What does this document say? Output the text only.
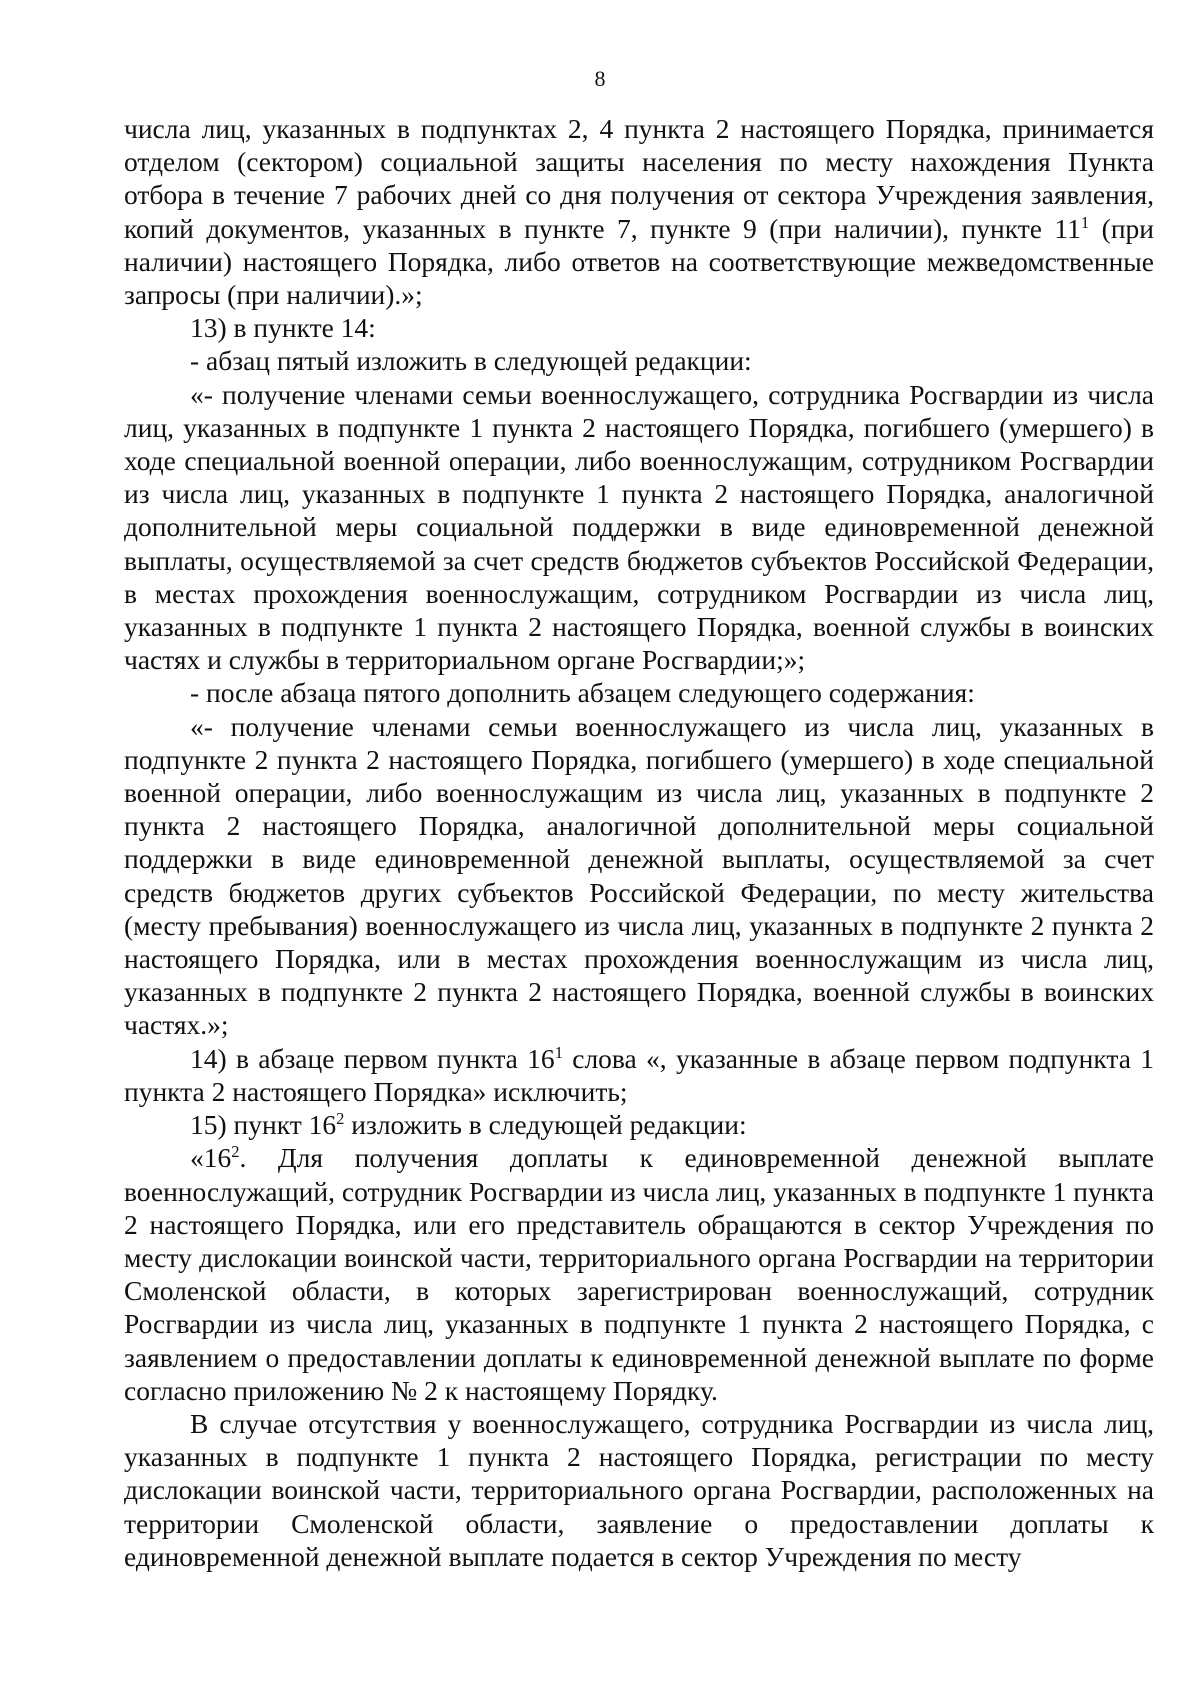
8

числа лиц, указанных в подпунктах 2, 4 пункта 2 настоящего Порядка, принимается отделом (сектором) социальной защиты населения по месту нахождения Пункта отбора в течение 7 рабочих дней со дня получения от сектора Учреждения заявления, копий документов, указанных в пункте 7, пункте 9 (при наличии), пункте $11^1$ (при наличии) настоящего Порядка, либо ответов на соответствующие межведомственные запросы (при наличии).»;

13) в пункте 14:

- абзац пятый изложить в следующей редакции:

«- получение членами семьи военнослужащего, сотрудника Росгвардии из числа лиц, указанных в подпункте 1 пункта 2 настоящего Порядка, погибшего (умершего) в ходе специальной военной операции, либо военнослужащим, сотрудником Росгвардии из числа лиц, указанных в подпункте 1 пункта 2 настоящего Порядка, аналогичной дополнительной меры социальной поддержки в виде единовременной денежной выплаты, осуществляемой за счет средств бюджетов субъектов Российской Федерации, в местах прохождения военнослужащим, сотрудником Росгвардии из числа лиц, указанных в подпункте 1 пункта 2 настоящего Порядка, военной службы в воинских частях и службы в территориальном органе Росгвардии;»;

- после абзаца пятого дополнить абзацем следующего содержания:

«- получение членами семьи военнослужащего из числа лиц, указанных в подпункте 2 пункта 2 настоящего Порядка, погибшего (умершего) в ходе специальной военной операции, либо военнослужащим из числа лиц, указанных в подпункте 2 пункта 2 настоящего Порядка, аналогичной дополнительной меры социальной поддержки в виде единовременной денежной выплаты, осуществляемой за счет средств бюджетов других субъектов Российской Федерации, по месту жительства (месту пребывания) военнослужащего из числа лиц, указанных в подпункте 2 пункта 2 настоящего Порядка, или в местах прохождения военнослужащим из числа лиц, указанных в подпункте 2 пункта 2 настоящего Порядка, военной службы в воинских частях.»;

14) в абзаце первом пункта $16^1$ слова «, указанные в абзаце первом подпункта 1 пункта 2 настоящего Порядка» исключить;

15) пункт $16^2$ изложить в следующей редакции:

«$16^2$. Для получения доплаты к единовременной денежной выплате военнослужащий, сотрудник Росгвардии из числа лиц, указанных в подпункте 1 пункта 2 настоящего Порядка, или его представитель обращаются в сектор Учреждения по месту дислокации воинской части, территориального органа Росгвардии на территории Смоленской области, в которых зарегистрирован военнослужащий, сотрудник Росгвардии из числа лиц, указанных в подпункте 1 пункта 2 настоящего Порядка, с заявлением о предоставлении доплаты к единовременной денежной выплате по форме согласно приложению № 2 к настоящему Порядку.

В случае отсутствия у военнослужащего, сотрудника Росгвардии из числа лиц, указанных в подпункте 1 пункта 2 настоящего Порядка, регистрации по месту дислокации воинской части, территориального органа Росгвардии, расположенных на территории Смоленской области, заявление о предоставлении доплаты к единовременной денежной выплате подается в сектор Учреждения по месту
